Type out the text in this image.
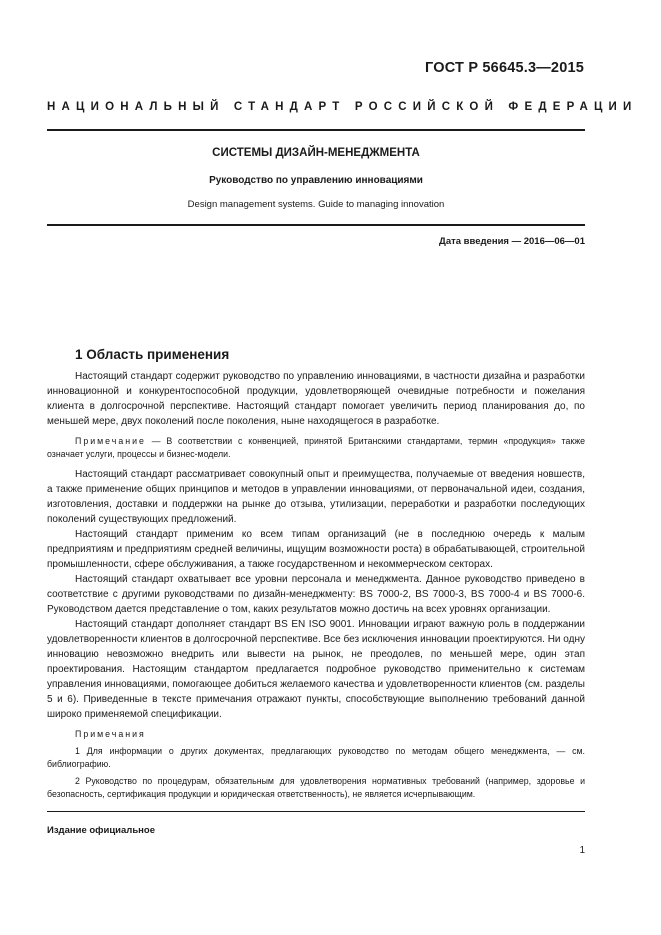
ГОСТ Р 56645.3—2015
НАЦИОНАЛЬНЫЙ СТАНДАРТ РОССИЙСКОЙ ФЕДЕРАЦИИ
СИСТЕМЫ ДИЗАЙН-МЕНЕДЖМЕНТА
Руководство по управлению инновациями
Design management systems. Guide to managing innovation
Дата введения — 2016—06—01
1 Область применения

Настоящий стандарт содержит руководство по управлению инновациями, в частности дизайна и разработки инновационной и конкурентоспособной продукции, удовлетворяющей очевидные потребности и пожелания клиента в долгосрочной перспективе. Настоящий стандарт помогает увеличить период планирования до, по меньшей мере, двух поколений после поколения, ныне находящегося в разработке.

Примечание — В соответствии с конвенцией, принятой Британскими стандартами, термин «продукция» также означает услуги, процессы и бизнес-модели.

Настоящий стандарт рассматривает совокупный опыт и преимущества, получаемые от введения новшеств, а также применение общих принципов и методов в управлении инновациями, от первоначальной идеи, создания, изготовления, доставки и поддержки на рынке до отзыва, утилизации, переработки и разработки последующих поколений существующих предложений.

Настоящий стандарт применим ко всем типам организаций (не в последнюю очередь к малым предприятиям и предприятиям средней величины, ищущим возможности роста) в обрабатывающей, строительной промышленности, сфере обслуживания, а также государственном и некоммерческом секторах.

Настоящий стандарт охватывает все уровни персонала и менеджмента. Данное руководство приведено в соответствие с другими руководствами по дизайн-менеджменту: BS 7000-2, BS 7000-3, BS 7000-4 и BS 7000-6. Руководством дается представление о том, каких результатов можно достичь на всех уровнях организации.

Настоящий стандарт дополняет стандарт BS EN ISO 9001. Инновации играют важную роль в поддержании удовлетворенности клиентов в долгосрочной перспективе. Все без исключения инновации проектируются. Ни одну инновацию невозможно внедрить или вывести на рынок, не преодолев, по меньшей мере, один этап проектирования. Настоящим стандартом предлагается подробное руководство применительно к системам управления инновациями, помогающее добиться желаемого качества и удовлетворенности клиентов (см. разделы 5 и 6). Приведенные в тексте примечания отражают пункты, способствующие выполнению требований данной широко применяемой спецификации.

Примечания

1 Для информации о других документах, предлагающих руководство по методам общего менеджмента, — см. библиографию.

2 Руководство по процедурам, обязательным для удовлетворения нормативных требований (например, здоровье и безопасность, сертификация продукции и юридическая ответственность), не является исчерпывающим.

Издание официальное
1
